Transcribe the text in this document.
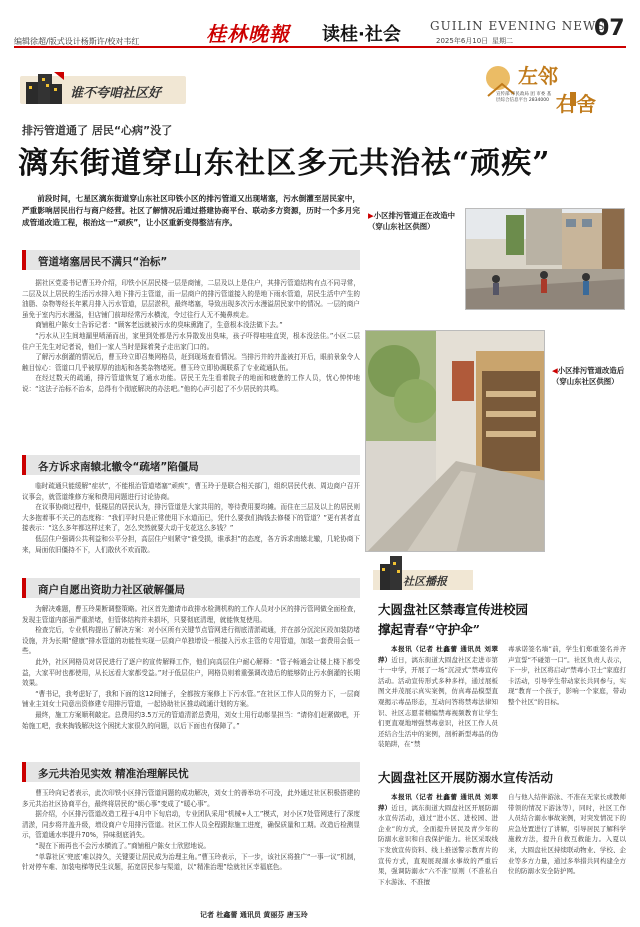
编辑徐超/版式设计杨斯许/校对韦红	桂林晚報 读桂·社会 GUILIN EVENING NEWS
2025年6月10日 星期二	07
谁不夸咱社区好
左邻
右舍
宣传部 市民政局 团 市委 基层综合信息平台 2834000
排污管道通了 居民“心病”没了
漓东街道穿山东社区多元共治祛“顽疾”
前段时间，七星区漓东街道穿山东社区印铁小区的排污管道又出现堵塞，污水倒灌至居民家中，严重影响居民出行与商户经营。社区了解情况后通过搭建协商平台、联动多方资源，历时一个多月完成管道改造工程，根治这一“顽疾”，让小区重新变得整洁有序。
管道堵塞居民不满只“治标”

据社区党委书记曹玉玲介绍，印铁小区居民楼一层是商铺，二层及以上是住户，其排污管道结构有点不同寻常，二层及以上居民的生活污水排入地下排污主管道，而一层商户的排污管道接入的是地下雨水管道，居民生活中产生的油脂、杂物等经长年累月排入污水管道，层层淤积，最终堵塞，导致出现多次污水漫溢居民家中的情况。一层的商户虽免于室内污水漫溢，但店铺门前却经常污水横流，令过往行人无不掩鼻疾走。

商铺租户陈女士告诉记者：“顾客老远就被污水的臭味熏跑了，生意根本没法做下去。”

“污水从卫生间地漏里喷涌而出，家里到处都是污水异散发出臭味，孩子吓得哇哇直哭，根本没法住。”小区二层住户王先生对记者说，他们一家人当时是踩着凳子走出家门口的。

了解污水倒灌的情况后，曹玉玲立即召集网格员，赶到现场查看情况。当排污井的井盖被打开后，眼前景象令人触目惊心：管道口几乎被厚厚的油垢和各类杂物堵死。曹玉玲立即协调联系了专业疏通队伍。

在经过数天的疏通，排污管道恢复了通水功能。居民王先生看着院子的地面和疲惫的工作人员，忧心忡忡地说：“这法子治标不治本，总得有个彻底解决的办法吧。”他的心声引起了不少居民的共鸣。

各方诉求南辕北辙令“疏堵”陷僵局

临时疏通只能缓解“症状”，不能根治管道堵塞“顽疾”，曹玉玲于是联合相关部门，组织居民代表、周边商户召开议事会，就管道维修方案和费用问题进行讨论协商。

在议事协商过程中，低楼层的居民认为，排污管道是大家共用的，等待费用要均摊。而住在三层及以上的居民则大多抱着事不关己的态度称：“我们平时只是正常使用下水道而已，凭什么要我们掏钱去修楼下的管道？”更有甚者直接表示：“这么多年都这样过来了，怎么突然就要大动干戈花这么多钱？”

低层住户强调公共利益和公平分担，高层住户则紧守“谁受损，谁承担”的态度，各方诉求南辕北辙，几轮协商下来，局面依旧僵持不下，人们散伙不欢而散。

商户自愿出资助力社区破解僵局

为解决难题，曹玉玲果断调整策略。社区首先邀请市政排水检测机构的工作人员对小区的排污管网做全面检查，发现主管道内部虽严重淤堵，但管体结构并未损坏，只要彻底清理，就能恢复使用。

检查完后，专业机构提出了解决方案：对小区所有关键节点管网进行彻底清淤疏通，并在部分沉淀区段加装防堵设施，并为长期“健康”排水管道的功能性实现一层商户单独增设一根接入污水主管的专用管道，加装一套费用会低一些。

此外，社区网格员对居民进行了逐户的宣传解释工作，他们向高层住户耐心解释：“管子畅通会让楼上楼下都受益，大家平时也都使用，从长远看大家都受益。”对于低层住户，网格员则着重强调改造后的能够防止污水倒灌的长期效果。

“曹书记，我考虑好了，我和下面的这12间铺子，全都按方案修上下污水管。”在社区工作人员的努力下，一层商铺业主刘女士同意出资修建专用排污管道，一起协助社区推动疏通计划的方案。

最终，施工方案顺利敲定。总费用约3.5万元的管道清淤总费用，刘女士用行动彰显担当：“请你们赶紧做吧，开始施工吧，我来掏钱解决这个困扰大家很久的问题，以后下面也有保障了。”

多元共治见实效 精准治理解民忧

曹玉玲向记者表示，此次印铁小区排污管道问题的成功解决，刘女士的善举功不可没，此外通过社区积极搭建的多元共治社区协商平台，最终将居民的“烦心事”变成了“暖心事”。

据介绍，小区排污管道改造工程于4月中下旬启动，专业团队采用“机械+人工”模式，对小区7处管网进行了深度清淤，同步将井盖升级，增设商户专用排污管道。社区工作人员全程跟踪施工进度，确保质量和工期。改造后检测显示，管道通水率提升70%，异味彻底消失。

“现在下雨再也不会污水横流了。”商铺租户陈女士欣慰地说。

“单靠社区‘兜底’难以持久，关键要让居民成为治理主角。”曹玉玲表示，下一步，该社区将推广“一事一议”机制，针对停车难、加装电梯等民生议题，拓宽居民参与渠道，以“精准治理”绘就社区幸福底色。

记者 杜鑫蕾 通讯员 黄丽芬 唐玉玲
▶小区排污管道正在改造中（穿山东社区供图）
◀小区排污管道改造后（穿山东社区供图）
社区播报
大圆盘社区禁毒宣传进校园
撑起青春“守护伞”

本报讯（记者 杜鑫蕾 通讯员 刘翠萍）近日，漓东街道大圆盘社区走进市第十一中学，开展了一场“沉浸式”禁毒宣传活动。活动宣传形式多种多样，通过展板图文并茂展示真实案例，仿真毒品模型直观揭示毒品形态，互动问答将禁毒法律知识、社区志愿者精编禁毒视频教育让学生们更直观地增强禁毒意识，社区工作人员还结合生活中的案例，剖析新型毒品的伪装陷阱，在“禁

毒承诺签名墙”前，学生们郑重签名并齐声宣誓“不碰第一口”。社区负责人表示，下一步，社区将启动“禁毒小卫士”家庭打卡活动，引导学生带动家长共同参与，实现“教育一个孩子，影响一个家庭，带动整个社区”的目标。

大圆盘社区开展防溺水宣传活动

本报讯（记者 杜鑫蕾 通讯员 刘翠萍）近日，漓东街道大圆盘社区开展防溺水宣传活动，通过“进小区、进校园、进企业”的方式，全面提升居民及青少年的防溺水意识和自我保护能力。社区采取线下发放宣传资料、线上推送警示教育片的宣传方式，直观展现溺水事故的严重后果，强调防溺水“六不准”原则（不准私自下水游泳、不准擅

自与他人结伴游泳、不准在无家长或教师带领的情况下游泳等），同时，社区工作人员结合溺水事故案例，对突发情况下的应急处置进行了讲解，引导居民了解科学施救方法，提升自救互救能力。入夏以来，大圆盘社区持续联动物业、学校、企业等多方力量，通过多举措共同构建全方位的防溺水安全防护网。
